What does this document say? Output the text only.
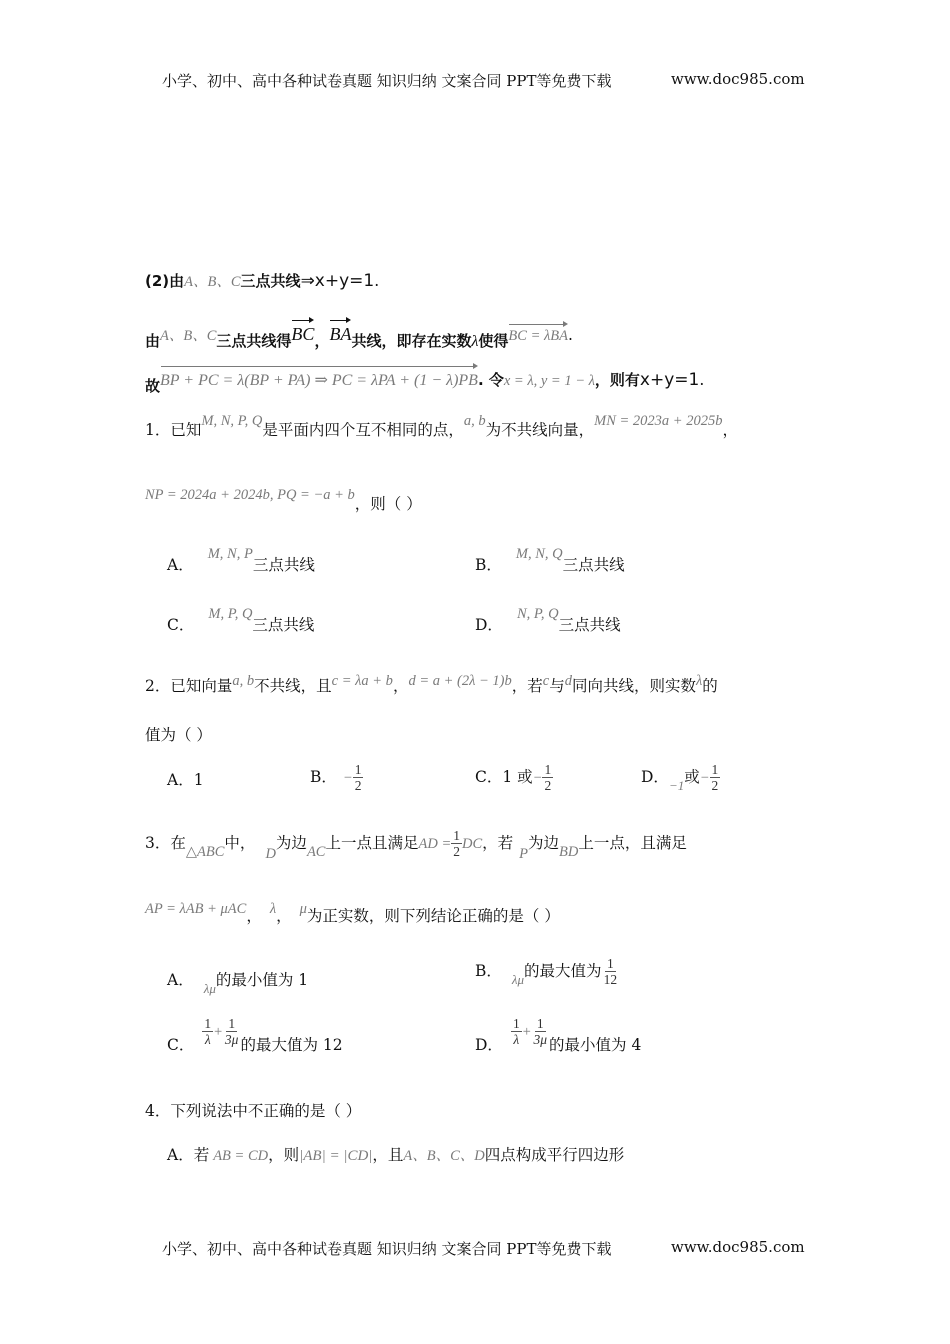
小学、初中、高中各种试卷真题 知识归纳 文案合同 PPT等免费下载	www.doc985.com
(2)由A、B、C三点共线⇒x+y=1.
由A、B、C三点共线得BC，BA共线，即存在实数λ使得BC = λBA.
故BP + PC = λ(BP + PA) ⇒ PC = λPA + (1 − λ)PB. 令x = λ, y = 1 − λ，则有x+y=1.
1．已知M, N, P, Q是平面内四个互不相同的点，a, b为不共线向量，MN = 2023a + 2025b，
NP = 2024a + 2024b, PQ = −a + b，则（ ）
A．M, N, P三点共线	B．M, N, Q三点共线
C．M, P, Q三点共线	D．N, P, Q三点共线
2．已知向量a, b不共线，且c = λa + b，d = a + (2λ − 1)b，若c与d同向共线，则实数λ的
值为（ ）
A．1	B． − $\frac{1}{2}$	C．1 或− $\frac{1}{2}$	D．$_{-1}$或− $\frac{1}{2}$
3．在△ABC中，D为边AC上一点且满足AD = $\frac{1}{2}$ DC，若P为边BD上一点，且满足
AP = λAB + μAC， λ， μ为正实数，则下列结论正确的是（ ）
A． $_{\lambda\mu}$的最小值为 1	B． $_{\lambda\mu}$的最大值为 $\frac{1}{12}$
C． $\frac{1}{\lambda} + \frac{1}{3\mu}$ 的最大值为 12	D． $\frac{1}{\lambda} + \frac{1}{3\mu}$ 的最小值为 4
4．下列说法中不正确的是（ ）
A．若 AB = CD，则|AB| = |CD|，且A、B、C、D四点构成平行四边形
小学、初中、高中各种试卷真题 知识归纳 文案合同 PPT等免费下载	www.doc985.com
